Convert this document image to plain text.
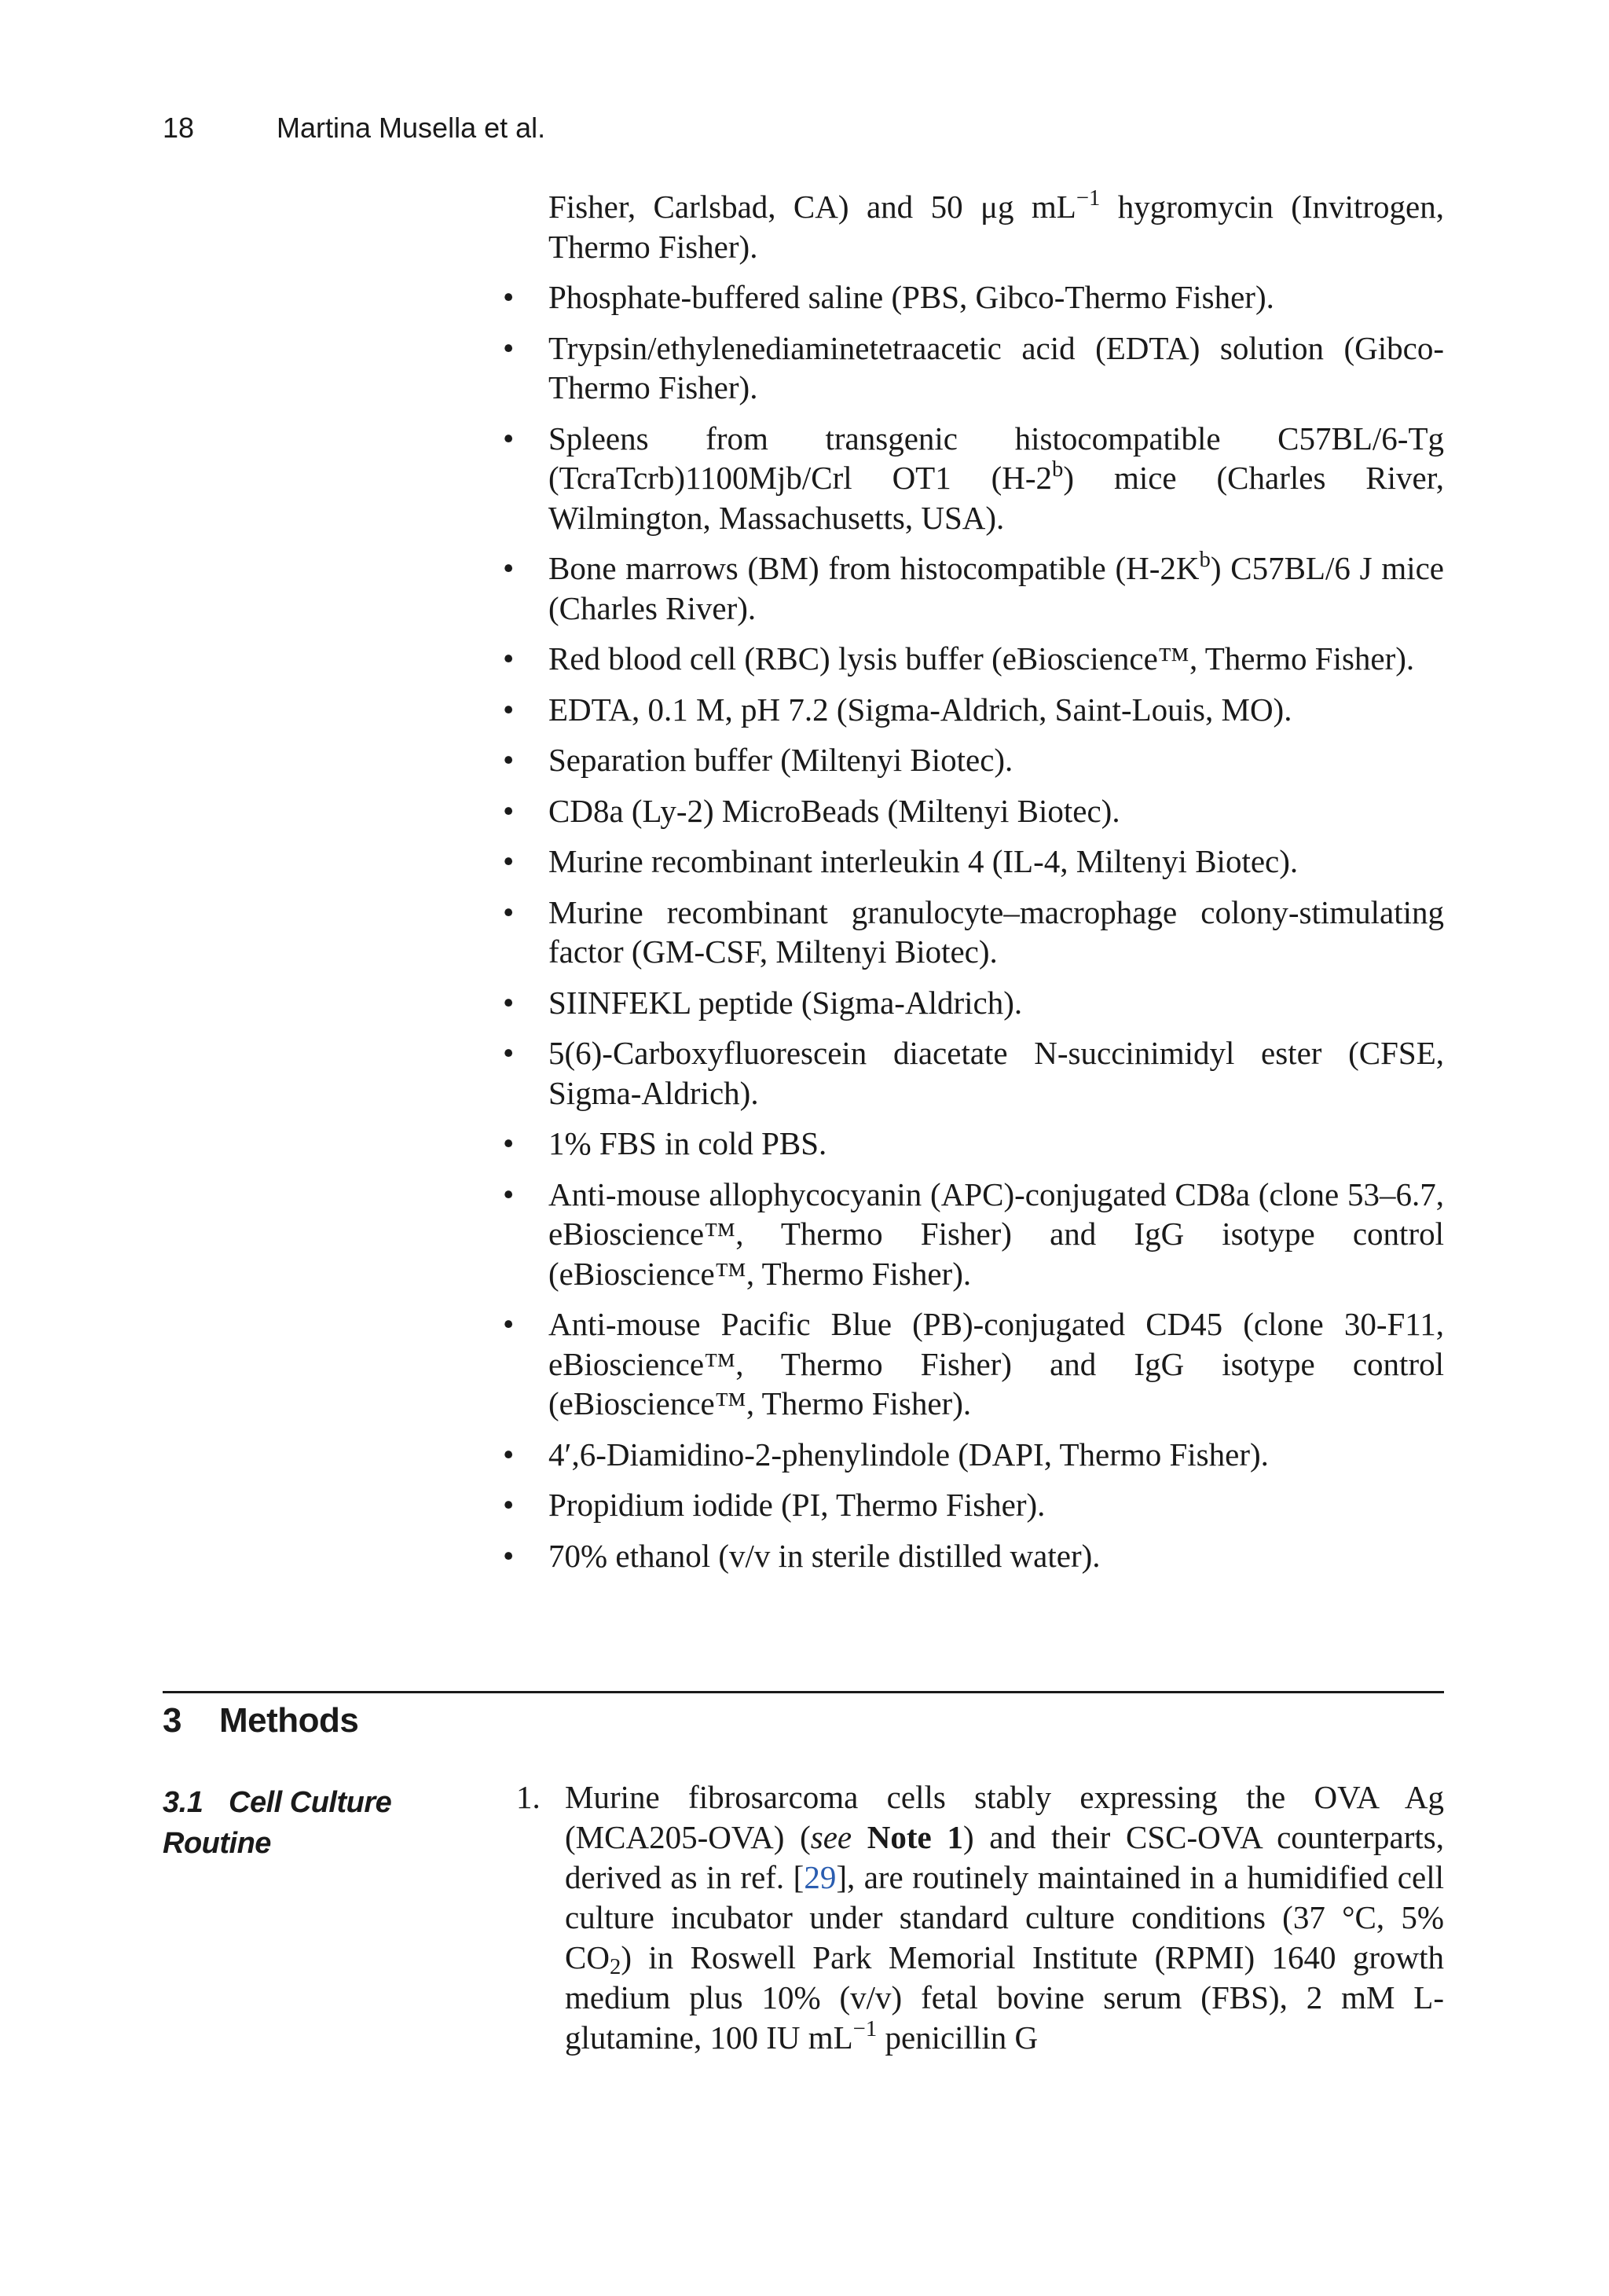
18	Martina Musella et al.
Fisher, Carlsbad, CA) and 50 μg $mL^{-1}$ hygromycin (Invitrogen, Thermo Fisher).
• Phosphate-buffered saline (PBS, Gibco-Thermo Fisher).
• Trypsin/ethylenediaminetetraacetic acid (EDTA) solution (Gibco-Thermo Fisher).
• Spleens from transgenic histocompatible C57BL/6-Tg (TcraTcrb)1100Mjb/Crl OT1 (H-2$^b$) mice (Charles River, Wilmington, Massachusetts, USA).
• Bone marrows (BM) from histocompatible $(H-2K^b)$ C57BL/6 J mice (Charles River).
• Red blood cell (RBC) lysis buffer (eBioscience™, Thermo Fisher).
• EDTA, 0.1 M, pH 7.2 (Sigma-Aldrich, Saint-Louis, MO).
• Separation buffer (Miltenyi Biotec).
• CD8a (Ly-2) MicroBeads (Miltenyi Biotec).
• Murine recombinant interleukin 4 (IL-4, Miltenyi Biotec).
• Murine recombinant granulocyte–macrophage colony-stimulating factor (GM-CSF, Miltenyi Biotec).
• SIINFEKL peptide (Sigma-Aldrich).
• 5(6)-Carboxyfluorescein diacetate N-succinimidyl ester (CFSE, Sigma-Aldrich).
• 1% FBS in cold PBS.
• Anti-mouse allophycocyanin (APC)-conjugated CD8a (clone 53–6.7, eBioscience™, Thermo Fisher) and IgG isotype control (eBioscience™, Thermo Fisher).
• Anti-mouse Pacific Blue (PB)-conjugated CD45 (clone 30-F11, eBioscience™, Thermo Fisher) and IgG isotype control (eBioscience™, Thermo Fisher).
• 4′,6-Diamidino-2-phenylindole (DAPI, Thermo Fisher).
• Propidium iodide (PI, Thermo Fisher).
• 70% ethanol (v/v in sterile distilled water).
3 Methods
3.1 Cell Culture Routine
1. Murine fibrosarcoma cells stably expressing the OVA Ag (MCA205-OVA) (see Note 1) and their CSC-OVA counterparts, derived as in ref. [29], are routinely maintained in a humidified cell culture incubator under standard culture conditions (37 °C, 5% $CO_2$) in Roswell Park Memorial Institute (RPMI) 1640 growth medium plus 10% (v/v) fetal bovine serum (FBS), 2 mM L-glutamine, 100 IU $mL^{-1}$ penicillin G
